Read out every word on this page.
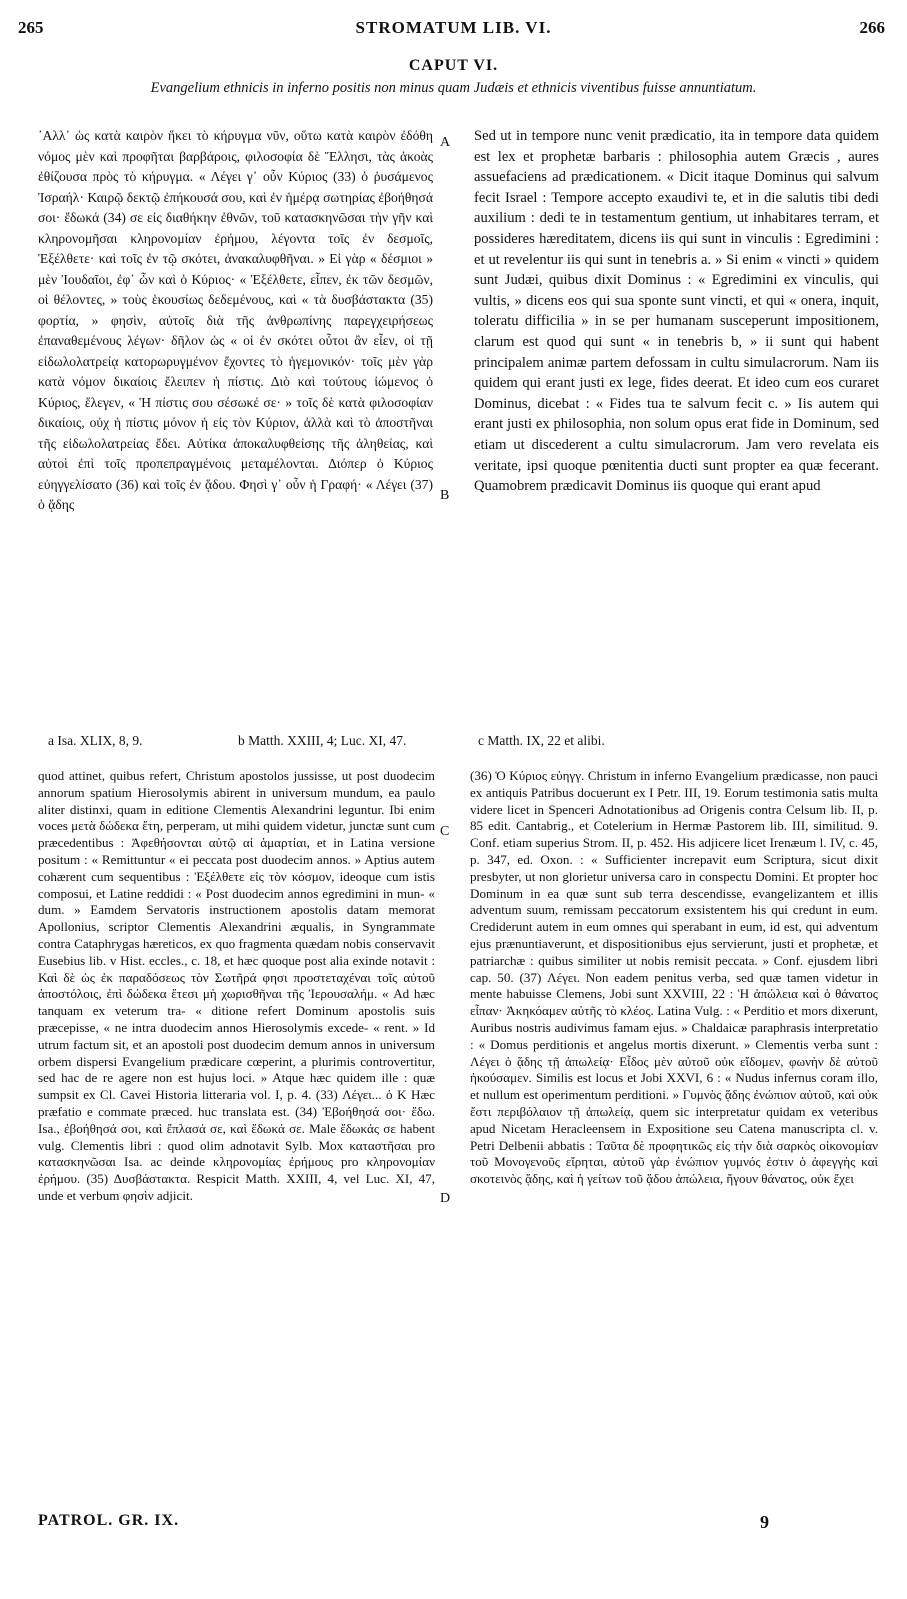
265	STROMATUM LIB. VI.	266
CAPUT VI.
Evangelium ethnicis in inferno positis non minus quam Judæis et ethnicis viventibus fuisse annuntiatum.
᾿Αλλ᾿ ὡς κατὰ καιρὸν ἥκει τὸ κήρυγμα νῦν, οὕτω κατὰ καιρὸν ἐδόθη νόμος μὲν καὶ προφῆται βαρβάροις, φιλοσοφία δὲ Ἕλλησι, τὰς ἀκοὰς ἐθίζουσα πρὸς τὸ κήρυγμα. « Λέγει γ᾿ οὖν Κύριος (33) ὁ ῥυσάμενος Ἰσραήλ· Καιρῷ δεκτῷ ἐπήκουσά σου, καὶ ἐν ἡμέρᾳ σωτηρίας ἐβοήθησά σοι· ἔδωκά (34) σε εἰς διαθήκην ἐθνῶν, τοῦ κατασκηνῶσαι τὴν γῆν καὶ κληρονομῆσαι κληρονομίαν ἐρήμου, λέγοντα τοῖς ἐν δεσμοῖς, Ἐξέλθετε· καὶ τοῖς ἐν τῷ σκότει, ἀνακαλυφθῆναι. » Εἰ γὰρ « δέσμιοι » μὲν Ἰουδαῖοι, ἐφ᾿ ὧν καὶ ὁ Κύριος· « Ἐξέλθετε, εἶπεν, ἐκ τῶν δεσμῶν, οἱ θέλοντες, » τοὺς ἑκουσίως δεδεμένους, καὶ « τὰ δυσβάστακτα (35) φορτία, » φησὶν, αὐτοῖς διὰ τῆς ἀνθρωπίνης παρεγχειρήσεως ἐπαναθεμένους λέγων· δῆλον ὡς « οἱ ἐν σκότει οὗτοι ἂν εἶεν, οἱ τῇ εἰδωλολατρείᾳ κατορωρυγμένον ἔχοντες τὸ ἡγεμονικόν· τοῖς μὲν γὰρ κατὰ νόμον δικαίοις ἔλειπεν ἡ πίστις. Διὸ καὶ τούτους ἰώμενος ὁ Κύριος, ἔλεγεν, « Ἡ πίστις σου σέσωκέ σε· » τοῖς δὲ κατὰ φιλοσοφίαν δικαίοις, οὐχ ἡ πίστις μόνον ἡ εἰς τὸν Κύριον, ἀλλὰ καὶ τὸ ἀποστῆναι τῆς εἰδωλολατρείας ἔδει. Αὐτίκα ἀποκαλυφθείσης τῆς ἀληθείας, καὶ αὐτοὶ ἐπὶ τοῖς προπεπραγμένοις μεταμέλονται. Διόπερ ὁ Κύριος εὐηγγελίσατο (36) καὶ τοῖς ἐν ᾅδου. Φησὶ γ᾿ οὖν ἡ Γραφή· « Λέγει (37) ὁ ᾅδης
Sed ut in tempore nunc venit prædicatio, ita in tempore data quidem est lex et prophetæ barbaris : philosophia autem Græcis , aures assuefaciens ad prædicationem. « Dicit itaque Dominus qui salvum fecit Israel : Tempore accepto exaudivi te, et in die salutis tibi dedi auxilium : dedi te in testamentum gentium, ut inhabitares terram, et possideres hæreditatem, dicens iis qui sunt in vinculis : Egredimini : et ut revelentur iis qui sunt in tenebris a. » Si enim « vincti » quidem sunt Judæi, quibus dixit Dominus : « Egredimini ex vinculis, qui vultis, » dicens eos qui sua sponte sunt vincti, et qui « onera, inquit, toleratu difficilia » in se per humanam susceperunt impositionem, clarum est quod qui sunt « in tenebris b, » ii sunt qui habent principalem animæ partem defossam in cultu simulacrorum. Nam iis quidem qui erant justi ex lege, fides deerat. Et ideo cum eos curaret Dominus, dicebat : « Fides tua te salvum fecit c. » Iis autem qui erant justi ex philosophia, non solum opus erat fide in Dominum, sed etiam ut discederent a cultu simulacrorum. Jam vero revelata eis veritate, ipsi quoque pœnitentia ducti sunt propter ea quæ fecerant. Quamobrem prædicavit Dominus iis quoque qui erant apud
A
B
C
D
a Isa. XLIX, 8, 9.	b Matth. XXIII, 4; Luc. XI, 47.	c Matth. IX, 22 et alibi.
quod attinet, quibus refert, Christum apostolos jussisse, ut post duodecim annorum spatium Hierosolymis abirent in universum mundum, ea paulo aliter distinxi, quam in editione Clementis Alexandrini leguntur. Ibi enim voces μετὰ δώδεκα ἔτη, perperam, ut mihi quidem videtur, junctæ sunt cum præcedentibus : Ἀφεθήσονται αὐτῷ αἱ ἁμαρτίαι, et in Latina versione positum : « Remittuntur « ei peccata post duodecim annos. » Aptius autem cohærent cum sequentibus : Ἐξέλθετε εἰς τὸν κόσμον, ideoque cum istis composui, et Latine reddidi : « Post duodecim annos egredimini in mun- « dum. » Eamdem Servatoris instructionem apostolis datam memorat Apollonius, scriptor Clementis Alexandrini æqualis, in Syngrammate contra Cataphrygas hæreticos, ex quo fragmenta quædam nobis conservavit Eusebius lib. v Hist. eccles., c. 18, et hæc quoque post alia exinde notavit : Καὶ δὲ ὡς ἐκ παραδόσεως τὸν Σωτῆρά φησι προστεταχέναι τοῖς αὐτοῦ ἀποστόλοις, ἐπὶ δώδεκα ἔτεσι μὴ χωρισθῆναι τῆς Ἰερουσαλήμ. « Ad hæc tanquam ex veterum tra- « ditione refert Dominum apostolis suis præcepisse, « ne intra duodecim annos Hierosolymis excede- « rent. » Id utrum factum sit, et an apostoli post duodecim demum annos in universum orbem dispersi Evangelium prædicare cœperint, a plurimis controvertitur, sed hac de re agere non est hujus loci. » Atque hæc quidem ille : quæ sumpsit ex Cl. Cavei Historia litteraria vol. I, p. 4. (33) Λέγει... ὁ Κ Hæc præfatio e commate præced. huc translata est. (34) Ἐβοήθησά σοι· ἔδω. Isa., ἐβοήθησά σοι, καὶ ἔπλασά σε, καὶ ἔδωκά σε. Male ἔδωκάς σε habent vulg. Clementis libri : quod olim adnotavit Sylb. Mox καταστῆσαι pro κατασκηνῶσαι Isa. ac deinde κληρονομίας ἐρήμους pro κληρονομίαν ἐρήμου. (35) Δυσβάστακτα. Respicit Matth. XXIII, 4, vel Luc. XI, 47, unde et verbum φησὶν adjicit.
(36) Ὁ Κύριος εὐηγγ. Christum in inferno Evangelium prædicasse, non pauci ex antiquis Patribus docuerunt ex I Petr. III, 19. Eorum testimonia satis multa videre licet in Spenceri Adnotationibus ad Origenis contra Celsum lib. II, p. 85 edit. Cantabrig., et Cotelerium in Hermæ Pastorem lib. III, similitud. 9. Conf. etiam superius Strom. II, p. 452. His adjicere licet Irenæum l. IV, c. 45, p. 347, ed. Oxon. : « Sufficienter increpavit eum Scriptura, sicut dixit presbyter, ut non glorietur universa caro in conspectu Domini. Et propter hoc Dominum in ea quæ sunt sub terra descendisse, evangelizantem et illis adventum suum, remissam peccatorum exsistentem his qui credunt in eum. Crediderunt autem in eum omnes qui sperabant in eum, id est, qui adventum ejus prænuntiaverunt, et dispositionibus ejus servierunt, justi et prophetæ, et patriarchæ : quibus similiter ut nobis remisit peccata. » Conf. ejusdem libri cap. 50. (37) Λέγει. Non eadem penitus verba, sed quæ tamen videtur in mente habuisse Clemens, Jobi sunt XXVIII, 22 : Ἡ ἀπώλεια καὶ ὁ θάνατος εἶπαν· Ἀκηκόαμεν αὐτῆς τὸ κλέος. Latina Vulg. : « Perditio et mors dixerunt, Auribus nostris audivimus famam ejus. » Chaldaicæ paraphrasis interpretatio : « Domus perditionis et angelus mortis dixerunt. » Clementis verba sunt : Λέγει ὁ ᾅδης τῇ ἀπωλείᾳ· Εἶδος μὲν αὐτοῦ οὐκ εἴδομεν, φωνὴν δὲ αὐτοῦ ἠκούσαμεν. Similis est locus et Jobi XXVI, 6 : « Nudus infernus coram illo, et nullum est operimentum perditioni. » Γυμνὸς ᾅδης ἐνώπιον αὐτοῦ, καὶ οὐκ ἔστι περιβόλαιον τῇ ἀπωλείᾳ, quem sic interpretatur quidam ex veteribus apud Nicetam Heracleensem in Expositione seu Catena manuscripta cl. v. Petri Delbenii abbatis : Ταῦτα δὲ προφητικῶς εἰς τὴν διὰ σαρκὸς οἰκονομίαν τοῦ Μονογενοῦς εἴρηται, αὐτοῦ γὰρ ἐνώπιον γυμνός ἐστιν ὁ ἀφεγγὴς καὶ σκοτεινὸς ᾅδης, καὶ ἡ γείτων τοῦ ᾅδου ἀπώλεια, ἤγουν θάνατος, οὐκ ἔχει
PATROL. GR. IX.	9
